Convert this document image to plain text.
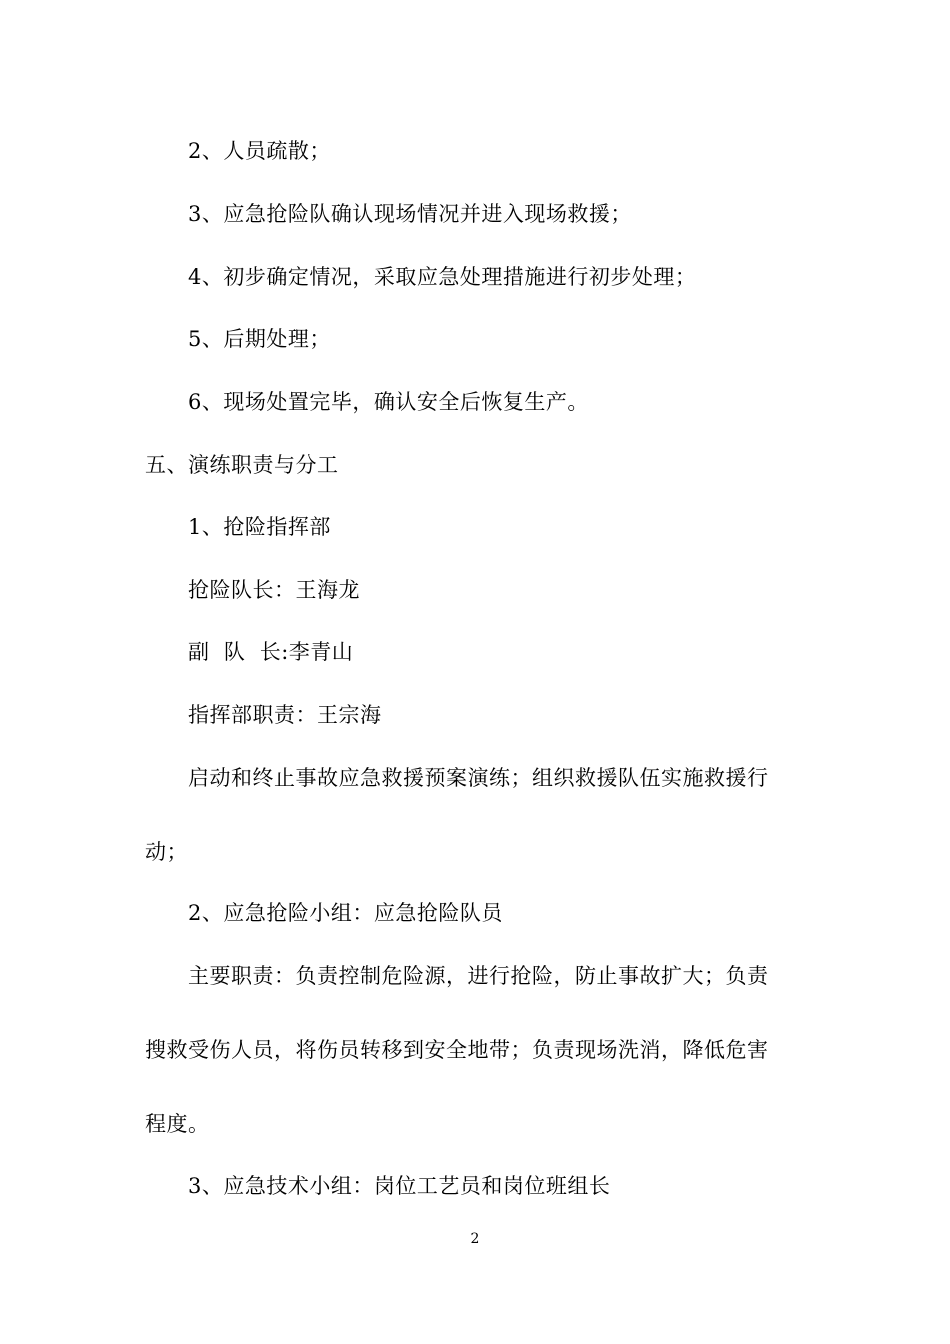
2、人员疏散；
3、应急抢险队确认现场情况并进入现场救援；
4、初步确定情况，采取应急处理措施进行初步处理；
5、后期处理；
6、现场处置完毕，确认安全后恢复生产。
五、演练职责与分工
1、抢险指挥部
抢险队长：王海龙
副  队  长:李青山
指挥部职责：王宗海
启动和终止事故应急救援预案演练；组织救援队伍实施救援行
动；
2、应急抢险小组：应急抢险队员
主要职责：负责控制危险源，进行抢险，防止事故扩大；负责
搜救受伤人员，将伤员转移到安全地带；负责现场洗消，降低危害
程度。
3、应急技术小组：岗位工艺员和岗位班组长
2
